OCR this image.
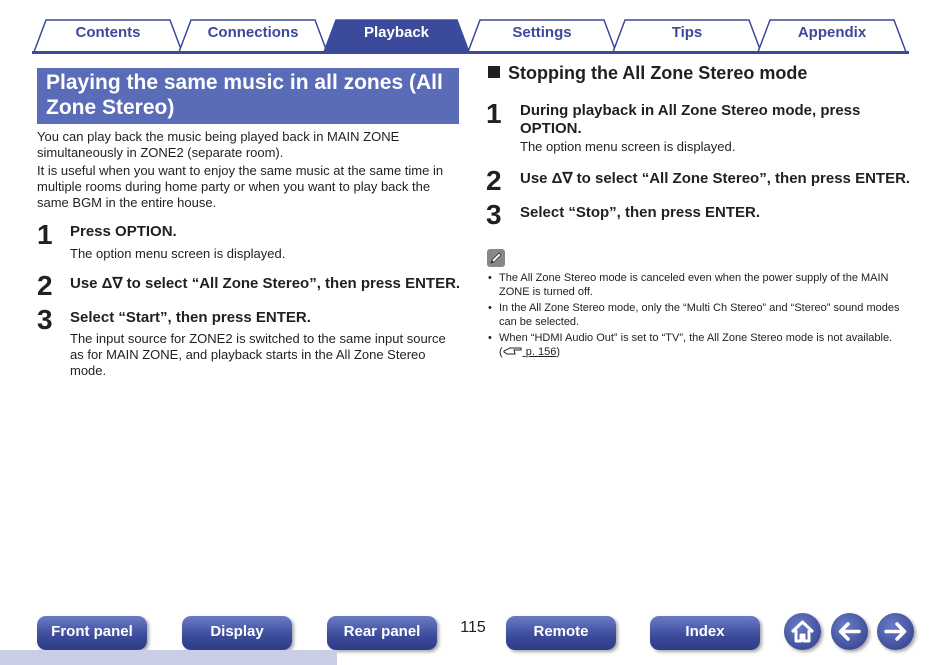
Contents	Connections	Playback	Settings	Tips	Appendix
Playing the same music in all zones (All Zone Stereo)

You can play back the music being played back in MAIN ZONE simultaneously in ZONE2 (separate room).

It is useful when you want to enjoy the same music at the same time in multiple rooms during home party or when you want to play back the same BGM in the entire house.

1 Press OPTION.
The option menu screen is displayed.
2 Use Δ∇ to select “All Zone Stereo”, then press ENTER.
3 Select “Start”, then press ENTER.
The input source for ZONE2 is switched to the same input source as for MAIN ZONE, and playback starts in the All Zone Stereo mode.
Stopping the All Zone Stereo mode
1 During playback in All Zone Stereo mode, press OPTION.
The option menu screen is displayed.
2 Use Δ∇ to select “All Zone Stereo”, then press ENTER.
3 Select “Stop”, then press ENTER.
• The All Zone Stereo mode is canceled even when the power supply of the MAIN ZONE is turned off.
• In the All Zone Stereo mode, only the “Multi Ch Stereo” and “Stereo” sound modes can be selected.
• When “HDMI Audio Out” is set to “TV”, the All Zone Stereo mode is not available.
( p. 156)
Front panel	Display	Rear panel	115	Remote	Index
